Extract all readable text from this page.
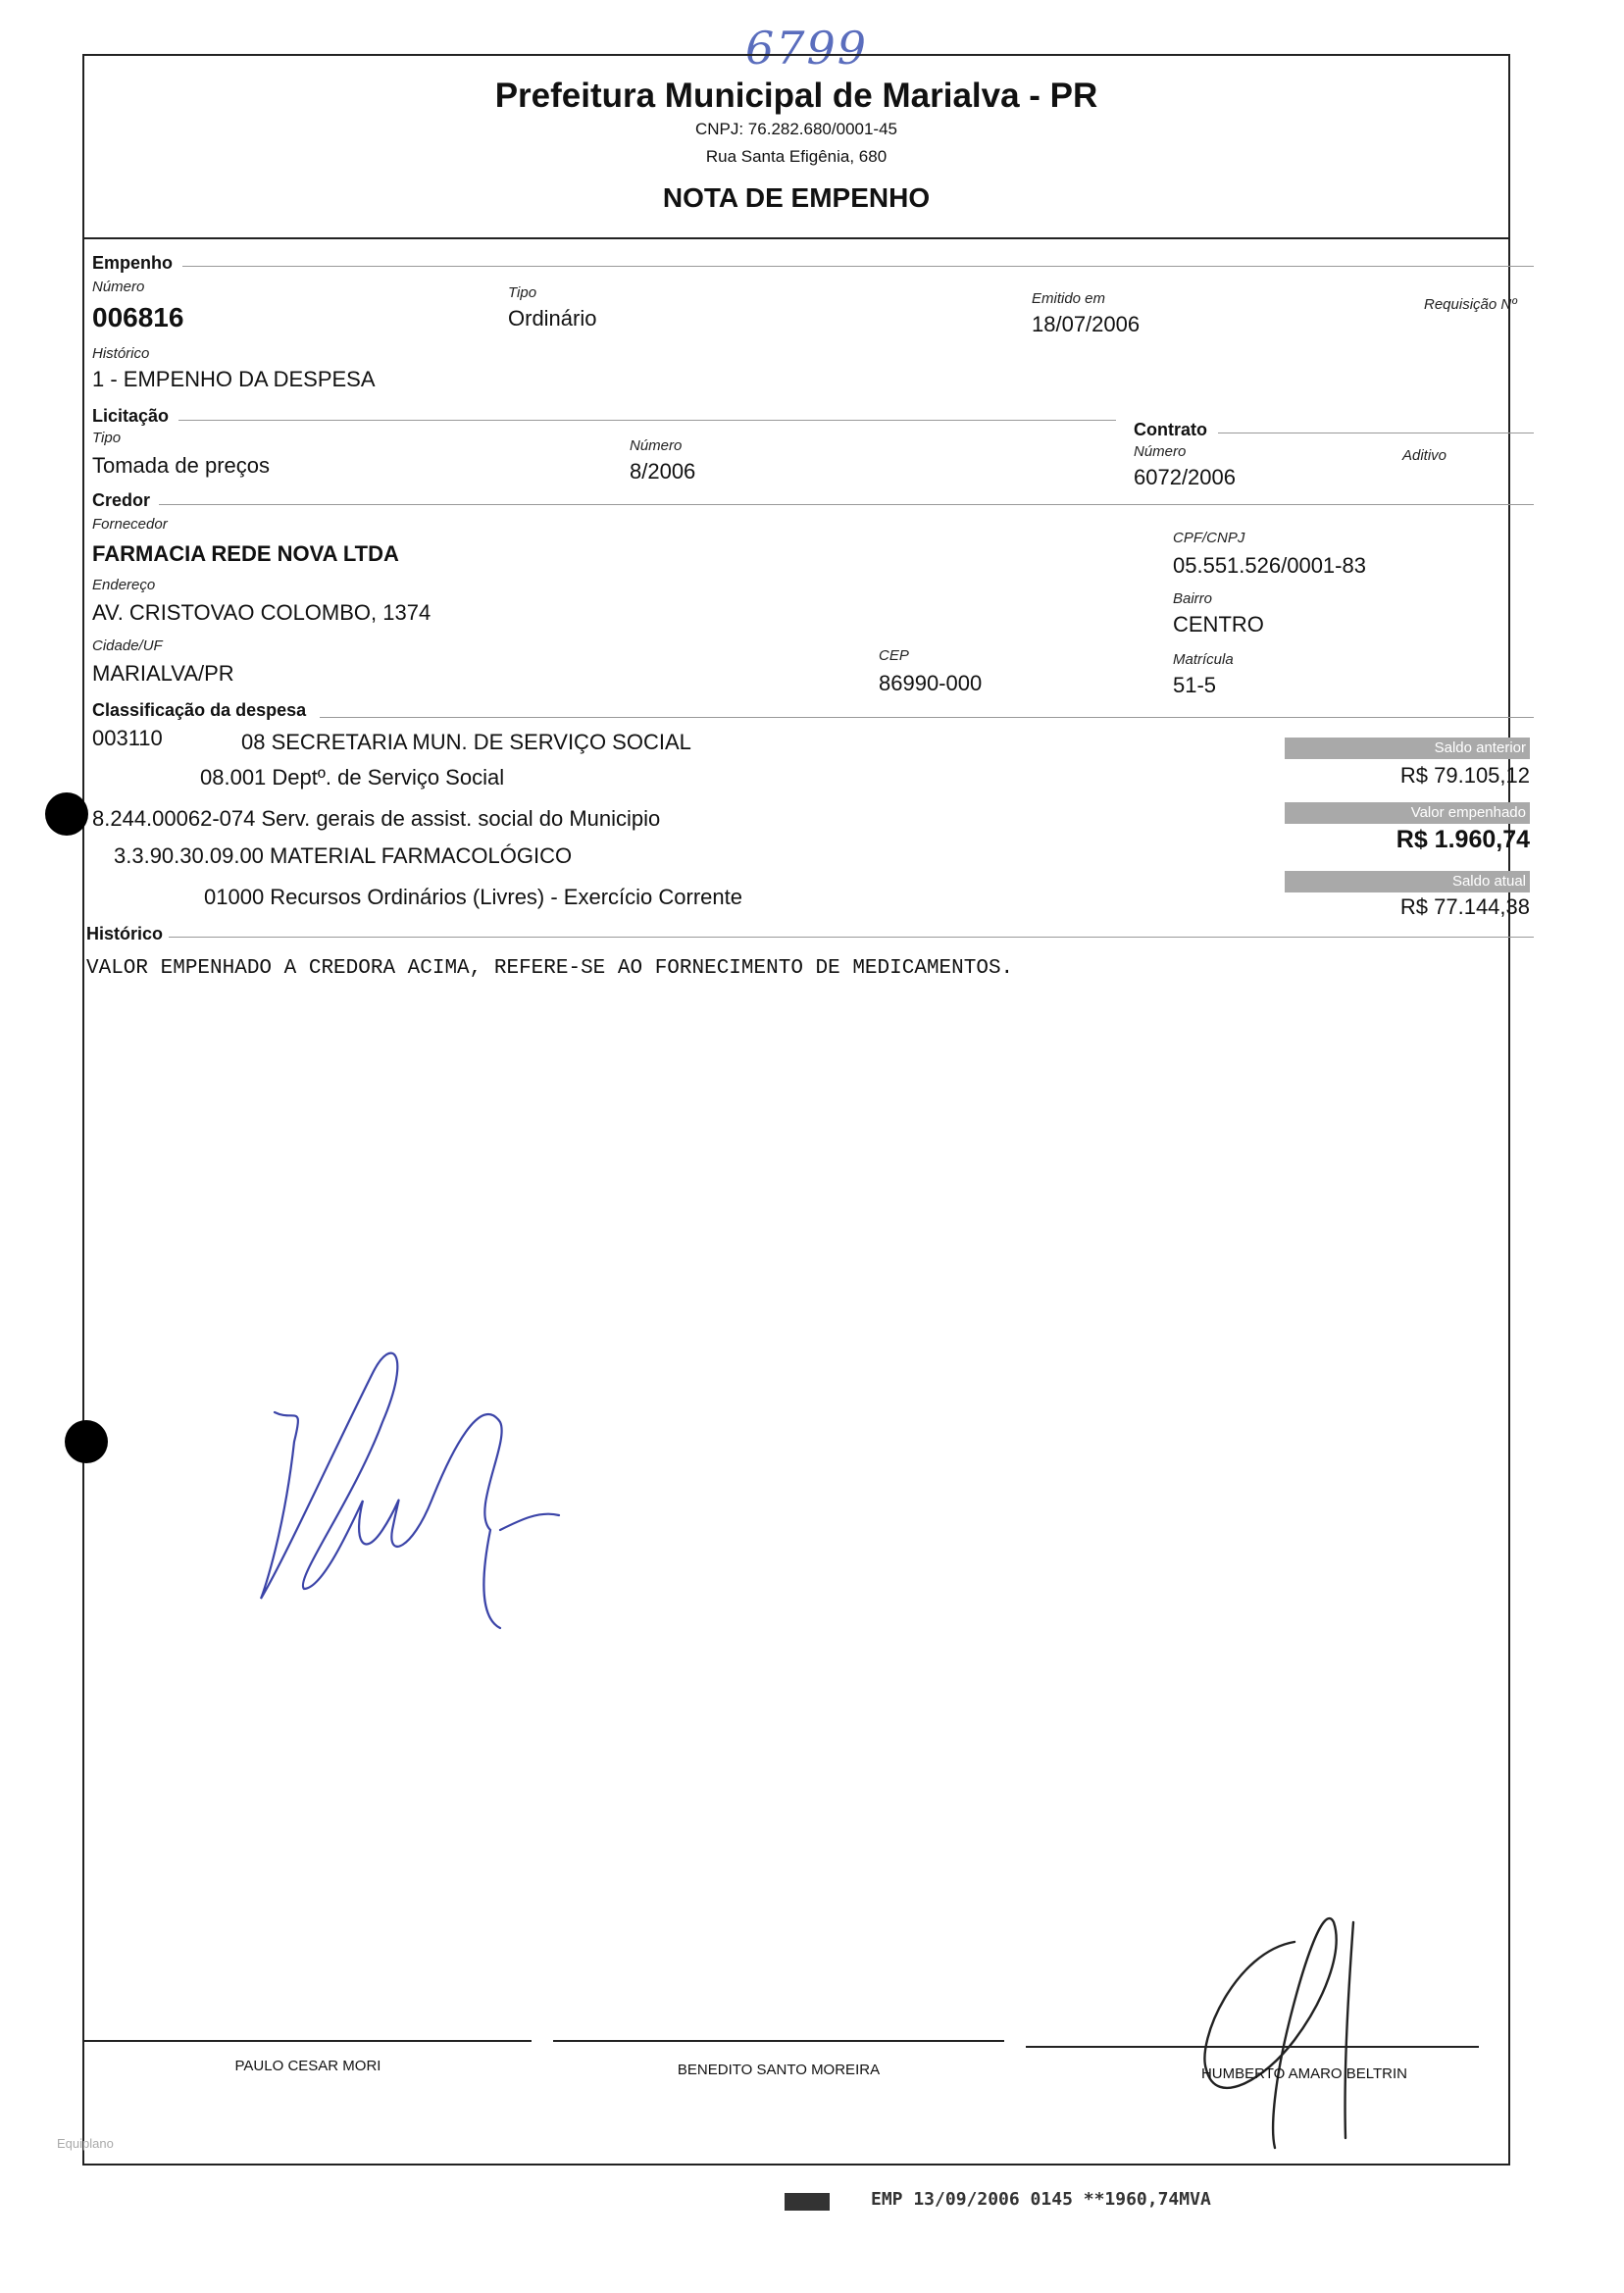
6799
Prefeitura Municipal de Marialva - PR
CNPJ: 76.282.680/0001-45
Rua Santa Efigênia, 680
NOTA DE EMPENHO
Empenho
Número
006816
Tipo
Ordinário
Emitido em
18/07/2006
Requisição Nº
Histórico
1 - EMPENHO DA DESPESA
Licitação
Tipo
Tomada de preços
Número
8/2006
Contrato
Número
6072/2006
Aditivo
Credor
Fornecedor
FARMACIA REDE NOVA LTDA
CPF/CNPJ
05.551.526/0001-83
Endereço
AV. CRISTOVAO COLOMBO, 1374
Bairro
CENTRO
Cidade/UF
MARIALVA/PR
CEP
86990-000
Matrícula
51-5
Classificação da despesa
003110	08 SECRETARIA MUN. DE SERVIÇO SOCIAL
08.001 Deptº. de Serviço Social
8.244.00062-074 Serv. gerais de assist. social do Municipio
3.3.90.30.09.00 MATERIAL FARMACOLÓGICO
01000 Recursos Ordinários (Livres) - Exercício Corrente
Saldo anterior
R$ 79.105,12
Valor empenhado
R$ 1.960,74
Saldo atual
R$ 77.144,38
Histórico
VALOR EMPENHADO A CREDORA ACIMA, REFERE-SE AO FORNECIMENTO DE MEDICAMENTOS.
PAULO CESAR MORI	BENEDITO SANTO MOREIRA	HUMBERTO AMARO BELTRIN
Equiplano
EMP 13/09/2006 0145 **1960,74MVA
